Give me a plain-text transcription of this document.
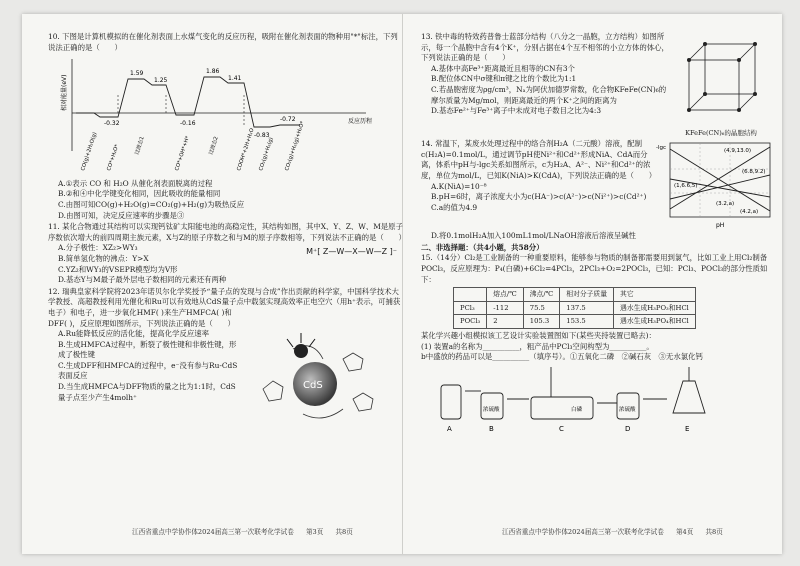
10. 下图是计算机模拟的在催化剂表面上水煤气变化的反应历程，吸附在催化剂表面的物种用"*"标注，下列说法正确的是（　　）
相对能量(eV)
反应历程
-0.32
1.59
1.25
-0.16
1.86
1.41
-0.83
-0.72
CO(g)+2H₂O(g) CO*+H₂O*	过渡态1	CO*+OH*+H*	过渡态2	COOH*+2H+H₂O CO₂(g)+H₂(g) CO₂(g)+H₂(g)+H₂O*
A.①表示 CO 和 H₂O 从催化剂表面脱离的过程
B.②和④中化学键变化相同，因此吸收的能量相同
C.由图可知CO(g)+H₂O(g)=CO₂(g)+H₂(g)为吸热反应
D.由图可知，决定反应速率的步骤是③
11. 某化合物通过其结构可以实现钙钛矿太阳能电池的高稳定性，其结构如图，其中X、Y、Z、W、M是原子序数依次增大的前四周期主族元素，X与Z的原子序数之和与M的原子序数相等，下列说法不正确的是（　　）
A.分子极性：XZ₂>WY₃
B.简单氢化物的沸点：Y>X
C.YZ₂和WY₃的VSEPR模型均为V形
M⁺[ Z—W—X—W—Z ]⁻
D.基态Y与M最子最外层电子数相同的元素还有两种
12. 瑞典皇家科学院将2023年诺贝尔化学奖授予“量子点的发现与合成”作出贡献的科学家，中国科学技术大学教授、高超教授利用光催化和Ru可以有效地从CdS量子点中载氢实现高效率正电空穴（用h⁺表示，可捕获电子）和电子，进一步氧化HMF( )来生产HMFCA( )和
DFF( )，反应原理如图所示，下列说法正确的是（　　）
A.Ru能降低反应的活化能，提高化学反应速率
B.生成HMFCA过程中，断裂了极性键和非极性键，形成了极性键
C.生成DFF和HMFCA的过程中，e⁻没有参与Ru-CdS表面反应
D.当生成HMFCA与DFF物质的量之比为1:1时，CdS量子点至少产生4molh⁺
CdS
江西省重点中学协作体2024届高三第一次联考化学试卷 第3页 共8页
13. 铁中毒的特效药普鲁士蓝部分结构（八分之一晶胞，立方结构）如图所示，每一个晶胞中含有4个K⁺，分别占据在4个互不相邻的小立方体的体心，下列说法正确的是（　　）
A.基体中高Fe³⁺距离最近且相等的CN有3个
B.配位体CN中σ键和π键之比的个数比为1:1
C.若晶胞密度为ρg/cm³，Nₐ为阿伏加德罗常数，化合物KFeFe(CN)₆的摩尔质量为Mg/mol，则距离最近的两个K⁺之间的距离为
D.基态Fe²⁺与Fe³⁺离子中未成对电子数目之比为4:3
KFeFe(CN)₆的晶胞结构
14. 常温下，某废水处理过程中的络合剂H₂A（二元酸）溶液，配制 c(H₂A)=0.1mol/L，通过调节pH使Ni²⁺和Cd²⁺形成NiA、CdA而分离，体系中pH与-lgc关系如图所示，c为H₂A、A²⁻、Ni²⁺和Cd²⁺的浓度，单位为mol/L，已知K(NiA)>K(CdA)，下列说法正确的是（　　）
A.K(NiA)=10⁻⁸
B.pH=6时，离子浓度大小为c(HA⁻)>c(A²⁻)>c(Ni²⁺)>c(Cd²⁺)
C.a的值为4.9
(4.9,13.0)
(6.8,9.2)
(1,6.6,5)
(3.2,a)
(4.2,a)
pH
-lgc
D.将0.1molH₂A加入100mL1mol/LNaOH溶液后溶液呈碱性
二、非选择题：（共4小题，共58分）
15.（14分）Cl₂是工业制备的一种重要原料，能够参与物质的制备都需要用到氯气，比如工业上用Cl₂制备POCl₃，反应原理为：P₄(白磷)+6Cl₂=4PCl₃，2PCl₃+O₂=2POCl₃，已知：PCl₃、POCl₃的部分性质如下：
	熔点/℃	沸点/℃	相对分子质量	其它
PCl₃	-112	75.5	137.5	遇水生成H₃PO₃和HCl
POCl₃	2	105.3	153.5	遇水生成H₃PO₄和HCl
某化学兴趣小组模拟该工艺设计实验装置图如下(某些夹持装置已略去)：
(1) 装置a的名称为__________，粗产品中PCl₃空间构型为__________。
b中盛放的药品可以是__________（填序号）。①五氧化二磷　②碱石灰　③无水氯化钙
浓硫酸	白磷	浓硫酸
A	B	C	D	E
江西省重点中学协作体2024届高三第一次联考化学试卷 第4页 共8页
